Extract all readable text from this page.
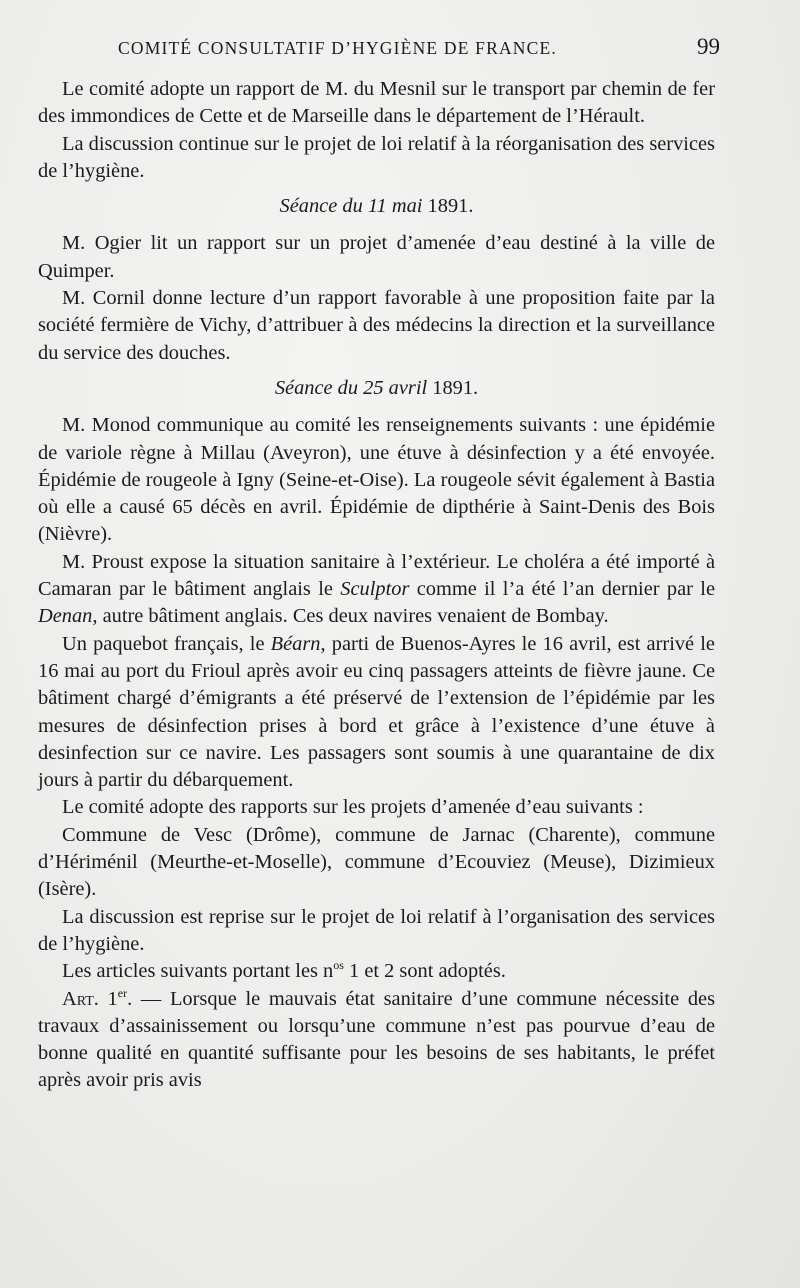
COMITÉ CONSULTATIF D’HYGIÈNE DE FRANCE.	99

Le comité adopte un rapport de M. du Mesnil sur le transport par chemin de fer des immondices de Cette et de Marseille dans le département de l’Hérault.

La discussion continue sur le projet de loi relatif à la réorganisation des services de l’hygiène.

Séance du 11 mai 1891.

M. Ogier lit un rapport sur un projet d’amenée d’eau destiné à la ville de Quimper.

M. Cornil donne lecture d’un rapport favorable à une proposition faite par la société fermière de Vichy, d’attribuer à des médecins la direction et la surveillance du service des douches.

Séance du 25 avril 1891.

M. Monod communique au comité les renseignements suivants : une épidémie de variole règne à Millau (Aveyron), une étuve à désinfection y a été envoyée. Épidémie de rougeole à Igny (Seine-et-Oise). La rougeole sévit également à Bastia où elle a causé 65 décès en avril. Épidémie de dipthérie à Saint-Denis des Bois (Nièvre).

M. Proust expose la situation sanitaire à l’extérieur. Le choléra a été importé à Camaran par le bâtiment anglais le Sculptor comme il l’a été l’an dernier par le Denan, autre bâtiment anglais. Ces deux navires venaient de Bombay.

Un paquebot français, le Béarn, parti de Buenos-Ayres le 16 avril, est arrivé le 16 mai au port du Frioul après avoir eu cinq passagers atteints de fièvre jaune. Ce bâtiment chargé d’émigrants a été préservé de l’extension de l’épidémie par les mesures de désinfection prises à bord et grâce à l’existence d’une étuve à desinfection sur ce navire. Les passagers sont soumis à une quarantaine de dix jours à partir du débarquement.

Le comité adopte des rapports sur les projets d’amenée d’eau suivants :

Commune de Vesc (Drôme), commune de Jarnac (Charente), commune d’Hériménil (Meurthe-et-Moselle), commune d’Ecouviez (Meuse), Dizimieux (Isère).

La discussion est reprise sur le projet de loi relatif à l’organisation des services de l’hygiène.

Les articles suivants portant les $n^{os}$ 1 et 2 sont adoptés.

Art. 1er. — Lorsque le mauvais état sanitaire d’une commune nécessite des travaux d’assainissement ou lorsqu’une commune n’est pas pourvue d’eau de bonne qualité en quantité suffisante pour les besoins de ses habitants, le préfet après avoir pris avis
